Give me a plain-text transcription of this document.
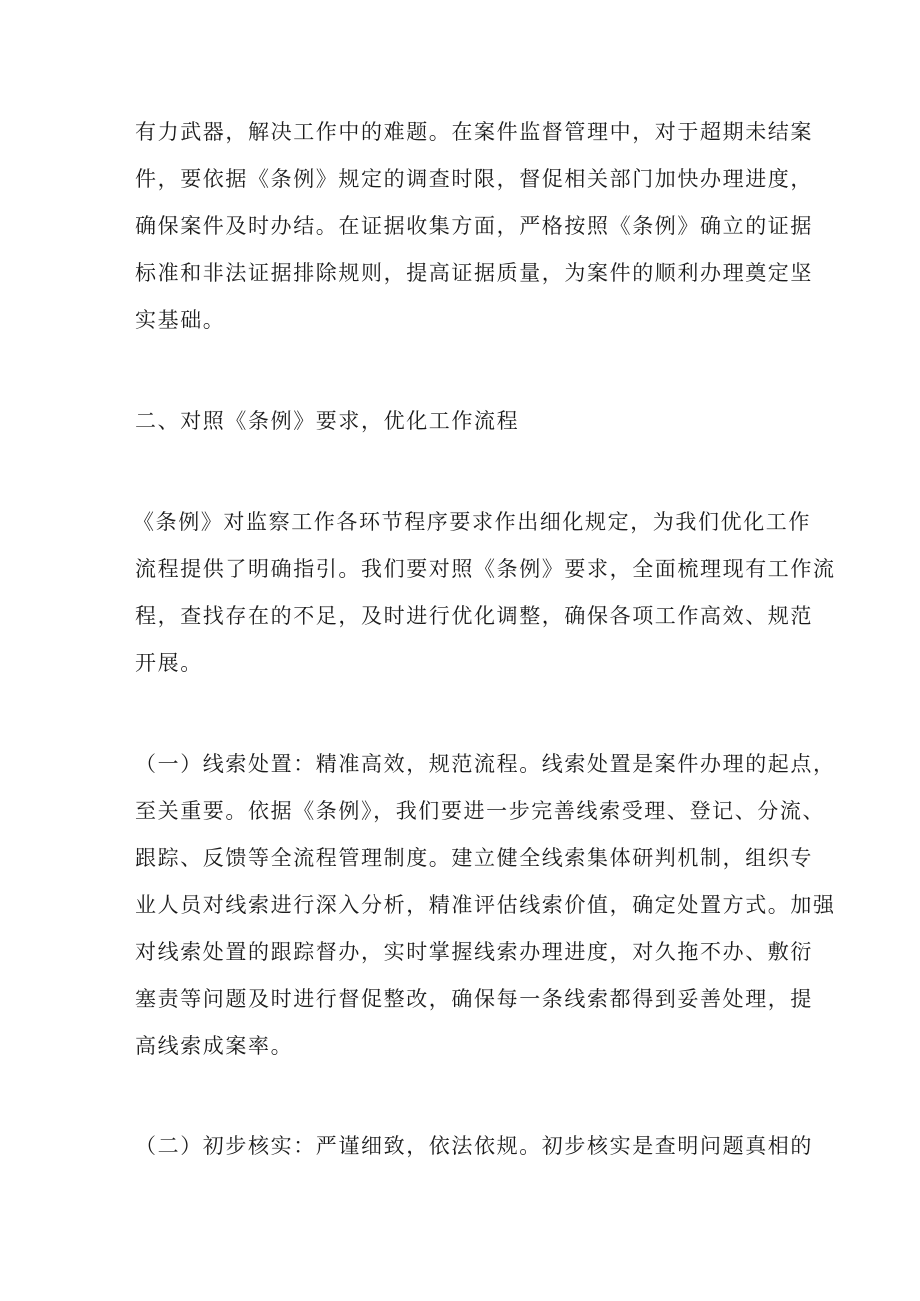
有力武器，解决工作中的难题。在案件监督管理中，对于超期未结案
件，要依据《条例》规定的调查时限，督促相关部门加快办理进度，
确保案件及时办结。在证据收集方面，严格按照《条例》确立的证据
标准和非法证据排除规则，提高证据质量，为案件的顺利办理奠定坚
实基础。
二、对照《条例》要求，优化工作流程
《条例》对监察工作各环节程序要求作出细化规定，为我们优化工作
流程提供了明确指引。我们要对照《条例》要求，全面梳理现有工作流
程，查找存在的不足，及时进行优化调整，确保各项工作高效、规范
开展。
（一）线索处置：精准高效，规范流程。线索处置是案件办理的起点，
至关重要。依据《条例》，我们要进一步完善线索受理、登记、分流、
跟踪、反馈等全流程管理制度。建立健全线索集体研判机制，组织专
业人员对线索进行深入分析，精准评估线索价值，确定处置方式。加强
对线索处置的跟踪督办，实时掌握线索办理进度，对久拖不办、敷衍
塞责等问题及时进行督促整改，确保每一条线索都得到妥善处理，提
高线索成案率。
（二）初步核实：严谨细致，依法依规。初步核实是查明问题真相的
